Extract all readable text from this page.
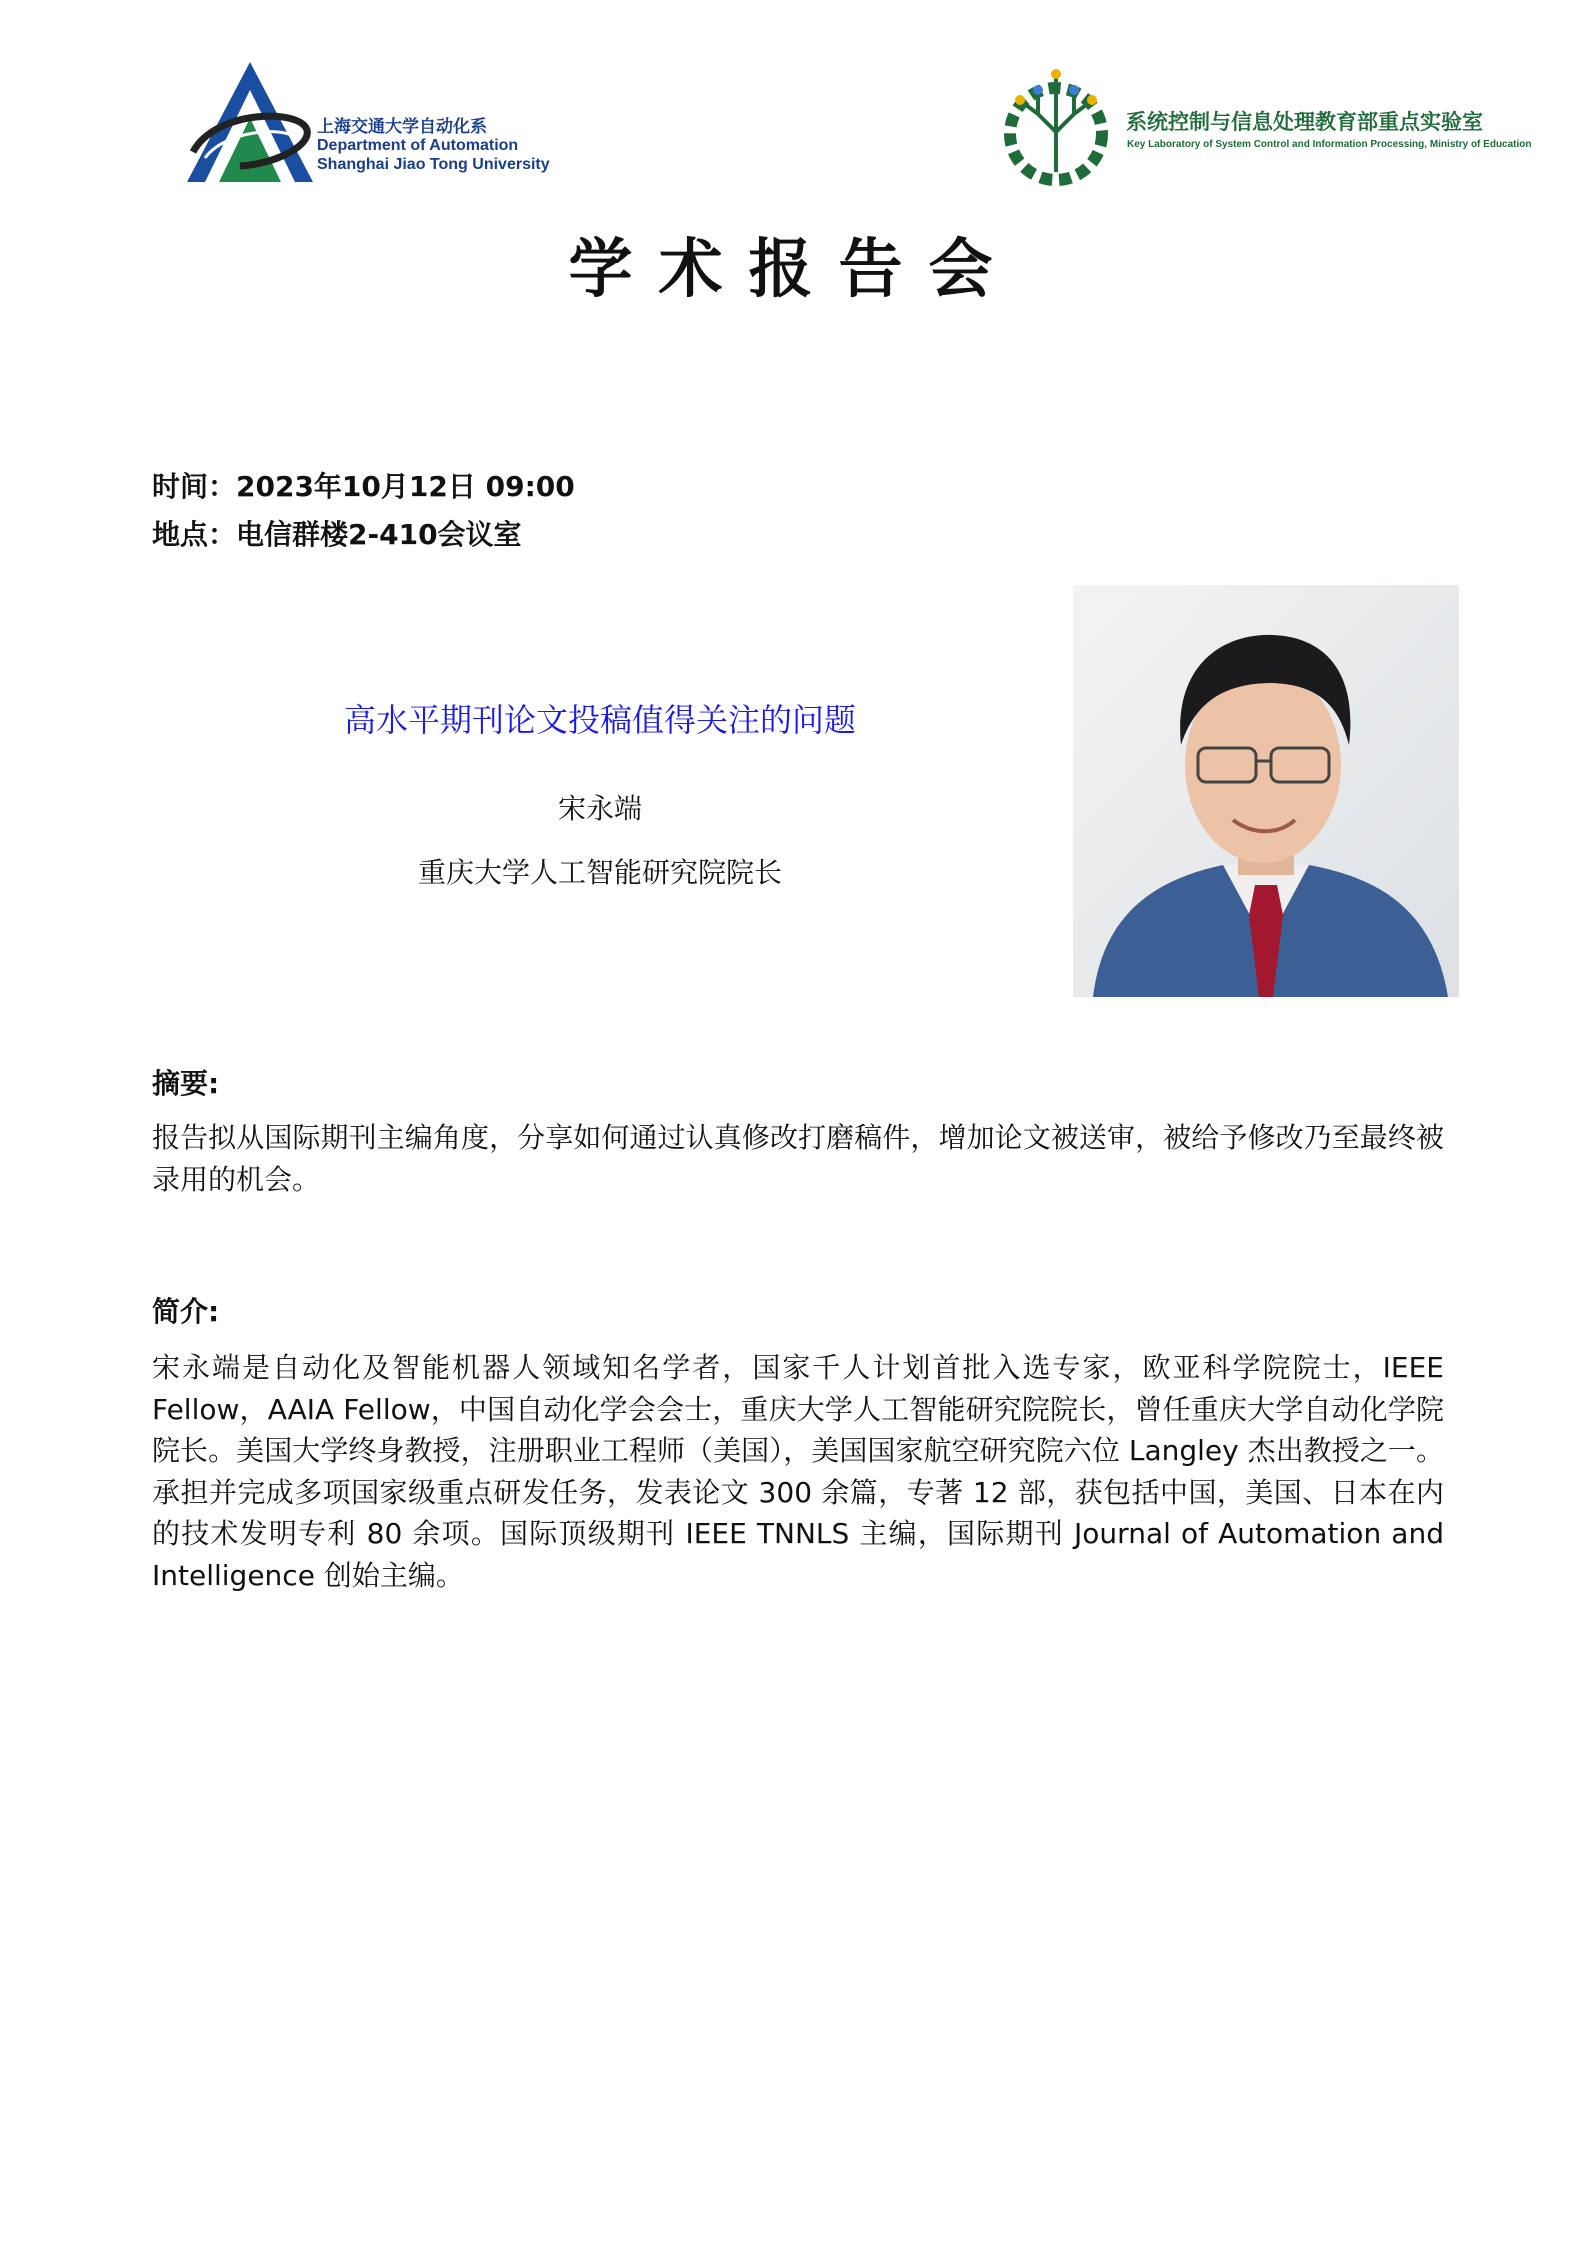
上海交通大学自动化系
Department of Automation
Shanghai Jiao Tong University
系统控制与信息处理教育部重点实验室
Key Laboratory of System Control and Information Processing, Ministry of Education
学术报告会
时间：2023年10月12日 09:00
地点：电信群楼2-410会议室
高水平期刊论文投稿值得关注的问题
宋永端
重庆大学人工智能研究院院长
摘要:
报告拟从国际期刊主编角度，分享如何通过认真修改打磨稿件，增加论文被送审，被给予修改乃至最终被录用的机会。
简介:
宋永端是自动化及智能机器人领域知名学者，国家千人计划首批入选专家，欧亚科学院院士，IEEE Fellow，AAIA Fellow，中国自动化学会会士，重庆大学人工智能研究院院长，曾任重庆大学自动化学院院长。美国大学终身教授，注册职业工程师（美国），美国国家航空研究院六位 Langley 杰出教授之一。承担并完成多项国家级重点研发任务，发表论文 300 余篇，专著 12 部，获包括中国，美国、日本在内的技术发明专利 80 余项。国际顶级期刊 IEEE TNNLS 主编，国际期刊 Journal of Automation and Intelligence 创始主编。
